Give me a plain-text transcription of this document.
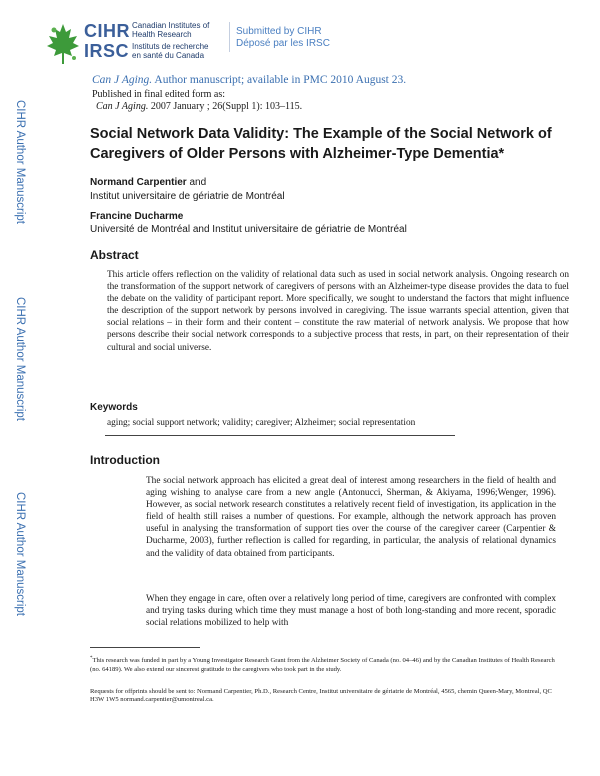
CIHR
IRSC
Canadian Institutes of
Health Research
Instituts de recherche
en santé du Canada
Submitted by CIHR
Déposé par les IRSC
Can J Aging. Author manuscript; available in PMC 2010 August 23.
Published in final edited form as:
Can J Aging. 2007 January ; 26(Suppl 1): 103–115.
CIHR Author Manuscript
CIHR Author Manuscript
CIHR Author Manuscript
Social Network Data Validity: The Example of the Social Network of Caregivers of Older Persons with Alzheimer-Type Dementia*
Normand Carpentier and
Institut universitaire de gériatrie de Montréal
Francine Ducharme
Université de Montréal and Institut universitaire de gériatrie de Montréal
Abstract
This article offers reflection on the validity of relational data such as used in social network analysis. Ongoing research on the transformation of the support network of caregivers of persons with an Alzheimer-type disease provides the data to fuel the debate on the validity of participant report. More specifically, we sought to understand the factors that might influence the description of the support network by persons involved in caregiving. The issue warrants special attention, given that social relations – in their form and their content – constitute the raw material of network analysis. We propose that how persons describe their social network corresponds to a subjective process that rests, in part, on their representation of their cultural and social universe.
Keywords
aging; social support network; validity; caregiver; Alzheimer; social representation
Introduction
The social network approach has elicited a great deal of interest among researchers in the field of health and aging wishing to analyse care from a new angle (Antonucci, Sherman, & Akiyama, 1996;Wenger, 1996). However, as social network research constitutes a relatively recent field of investigation, its application in the field of health still raises a number of questions. For example, although the network approach has proven useful in analysing the transformation of support ties over the course of the caregiver career (Carpentier & Ducharme, 2003), further reflection is called for regarding, in particular, the analysis of relational dynamics and the validity of data obtained from participants.
When they engage in care, often over a relatively long period of time, caregivers are confronted with complex and trying tasks during which time they must manage a host of both long-standing and more recent, sporadic social relations mobilized to help with
*This research was funded in part by a Young Investigator Research Grant from the Alzheimer Society of Canada (no. 04–46) and by the Canadian Institutes of Health Research (no. 64189). We also extend our sincerest gratitude to the caregivers who took part in the study.
Requests for offprints should be sent to: Normand Carpentier, Ph.D., Research Centre, Institut universitaire de gériatrie de Montréal, 4565, chemin Queen-Mary, Montreal, QC H3W 1W5 normand.carpentier@umontreal.ca.
